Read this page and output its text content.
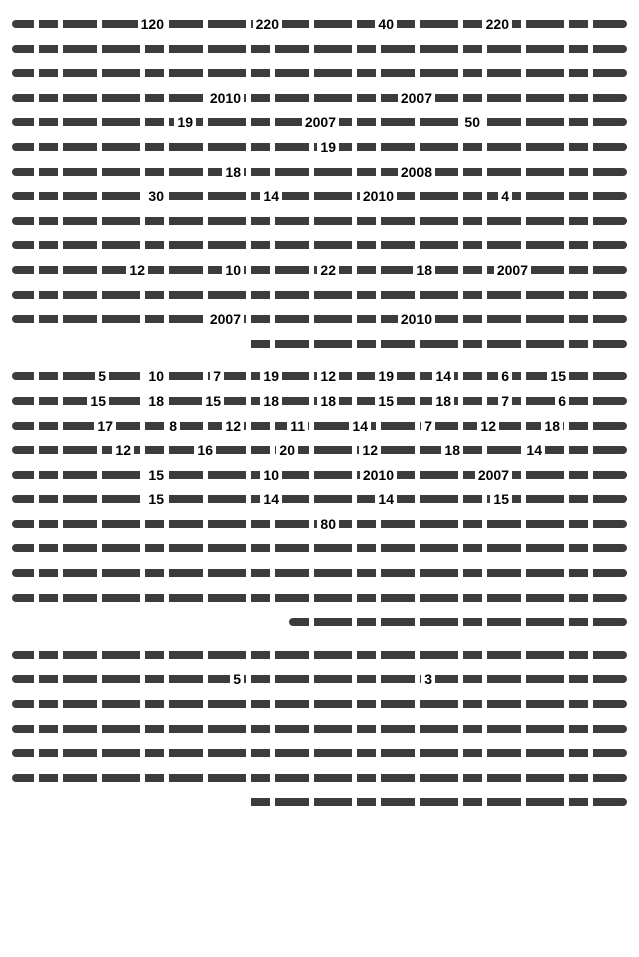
220
40
220
120
2007
2010
50
2007
19
19
2008
18
4
2010
14
30
2007
18
22
10
12
2010
2007
15
6
14
19
12
19
7
10
5
6
7
18
15
18
18
15
18
15
18
12
7
14
11
12
8
17
14
18
12
20
16
12
2007
2010
10
15
15
14
14
15
80
3
5
